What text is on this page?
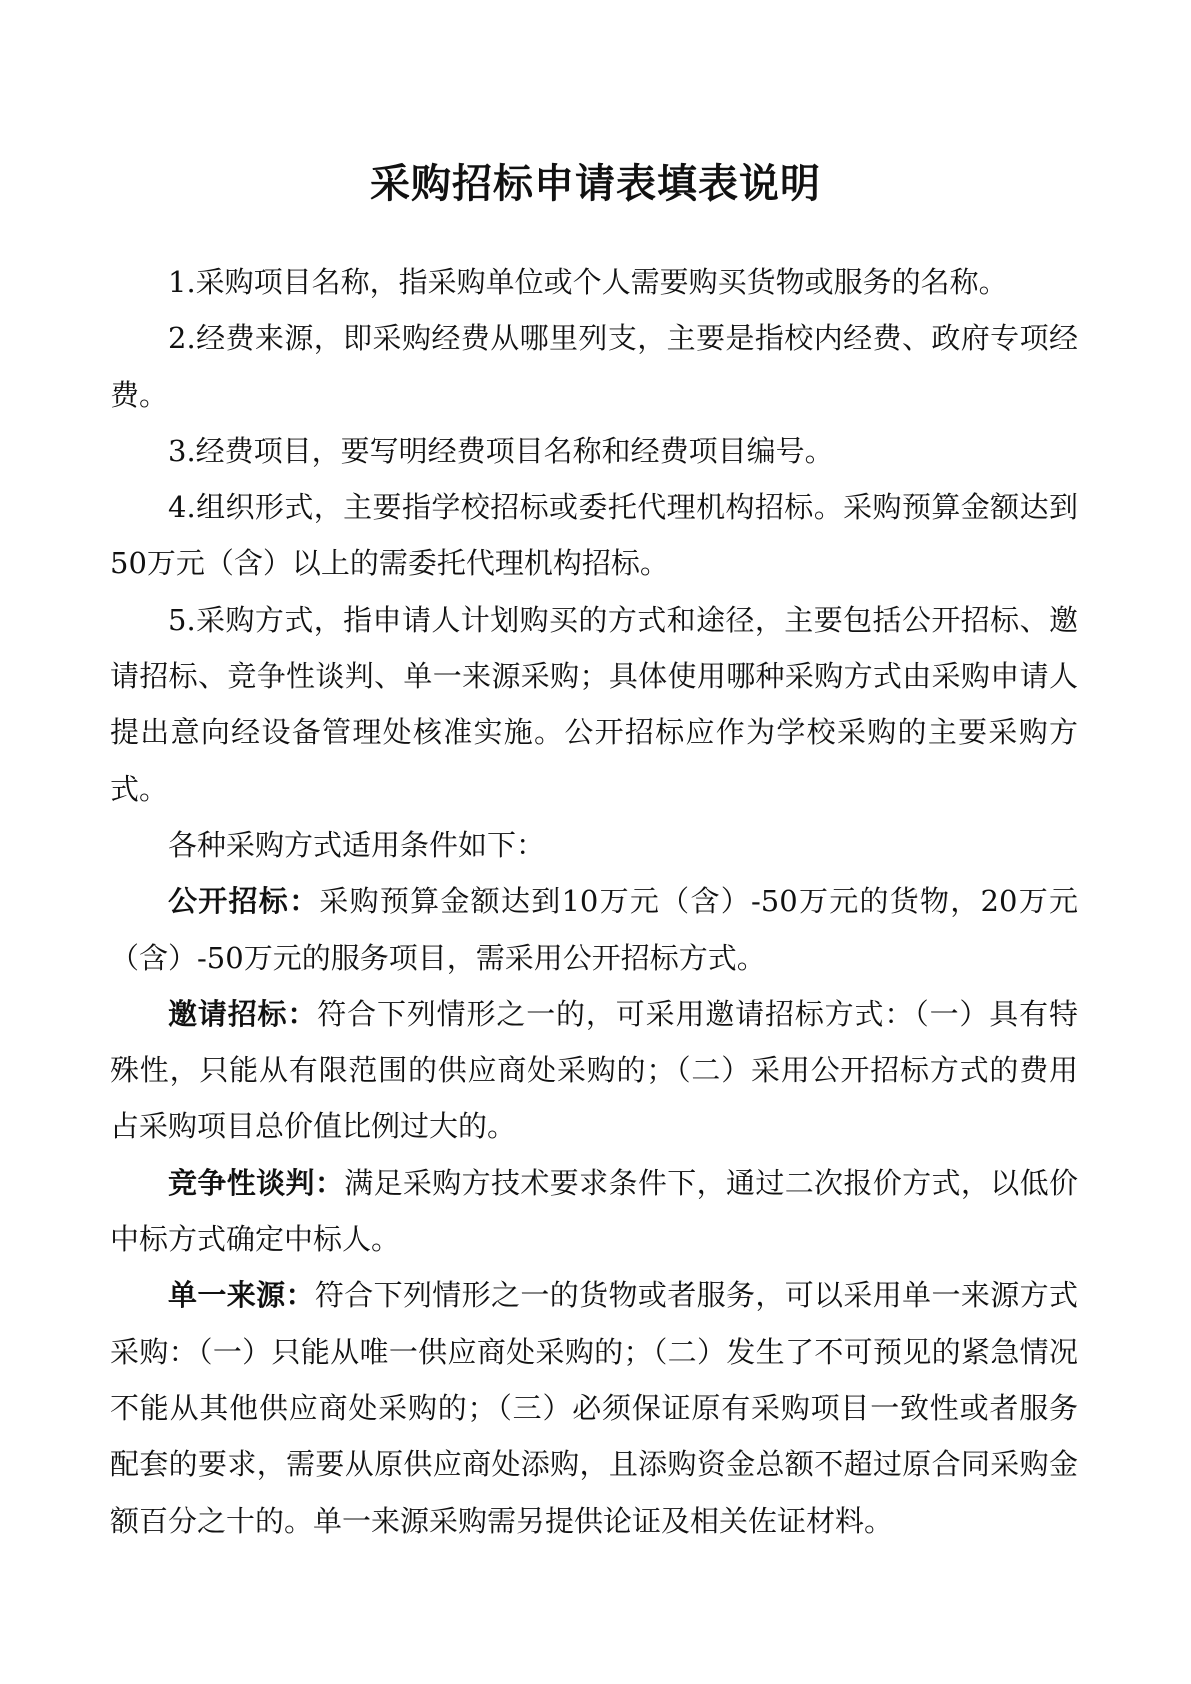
采购招标申请表填表说明

1.采购项目名称，指采购单位或个人需要购买货物或服务的名称。

2.经费来源，即采购经费从哪里列支，主要是指校内经费、政府专项经费。

3.经费项目，要写明经费项目名称和经费项目编号。

4.组织形式，主要指学校招标或委托代理机构招标。采购预算金额达到50万元（含）以上的需委托代理机构招标。

5.采购方式，指申请人计划购买的方式和途径，主要包括公开招标、邀请招标、竞争性谈判、单一来源采购；具体使用哪种采购方式由采购申请人提出意向经设备管理处核准实施。公开招标应作为学校采购的主要采购方式。

各种采购方式适用条件如下：

公开招标：采购预算金额达到10万元（含）-50万元的货物，20万元（含）-50万元的服务项目，需采用公开招标方式。

邀请招标：符合下列情形之一的，可采用邀请招标方式：（一）具有特殊性，只能从有限范围的供应商处采购的；（二）采用公开招标方式的费用占采购项目总价值比例过大的。

竞争性谈判：满足采购方技术要求条件下，通过二次报价方式，以低价中标方式确定中标人。

单一来源：符合下列情形之一的货物或者服务，可以采用单一来源方式采购：（一）只能从唯一供应商处采购的；（二）发生了不可预见的紧急情况不能从其他供应商处采购的；（三）必须保证原有采购项目一致性或者服务配套的要求，需要从原供应商处添购，且添购资金总额不超过原合同采购金额百分之十的。单一来源采购需另提供论证及相关佐证材料。
